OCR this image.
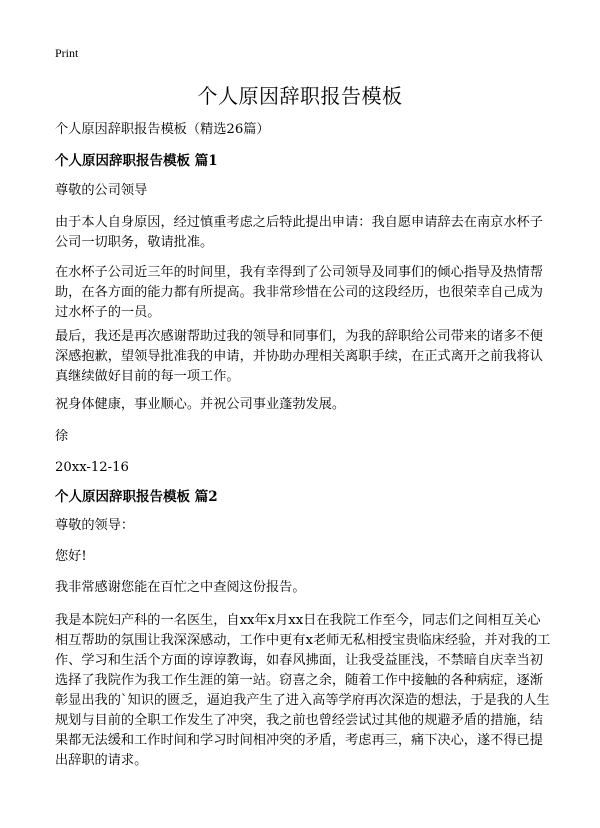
Print
个人原因辞职报告模板

个人原因辞职报告模板（精选26篇）

个人原因辞职报告模板 篇1

尊敬的公司领导

由于本人自身原因，经过慎重考虑之后特此提出申请：我自愿申请辞去在南京水杯子公司一切职务，敬请批准。

在水杯子公司近三年的时间里，我有幸得到了公司领导及同事们的倾心指导及热情帮助，在各方面的能力都有所提高。我非常珍惜在公司的这段经历，也很荣幸自己成为过水杯子的一员。

最后，我还是再次感谢帮助过我的领导和同事们，为我的辞职给公司带来的诸多不便深感抱歉，望领导批准我的申请，并协助办理相关离职手续，在正式离开之前我将认真继续做好目前的每一项工作。

祝身体健康，事业顺心。并祝公司事业蓬勃发展。

徐

20xx-12-16

个人原因辞职报告模板 篇2

尊敬的领导：

您好!

我非常感谢您能在百忙之中查阅这份报告。

我是本院妇产科的一名医生，自xx年x月xx日在我院工作至今，同志们之间相互关心相互帮助的氛围让我深深感动，工作中更有x老师无私相授宝贵临床经验，并对我的工作、学习和生活个方面的谆谆教诲，如春风拂面，让我受益匪浅，不禁暗自庆幸当初选择了我院作为我工作生涯的第一站。窃喜之余，随着工作中接触的各种病症，逐渐彰显出我的`知识的匮乏，逼迫我产生了进入高等学府再次深造的想法，于是我的人生规划与目前的全职工作发生了冲突，我之前也曾经尝试过其他的规避矛盾的措施，结果都无法缓和工作时间和学习时间相冲突的矛盾，考虑再三，痛下决心，遂不得已提出辞职的请求。
